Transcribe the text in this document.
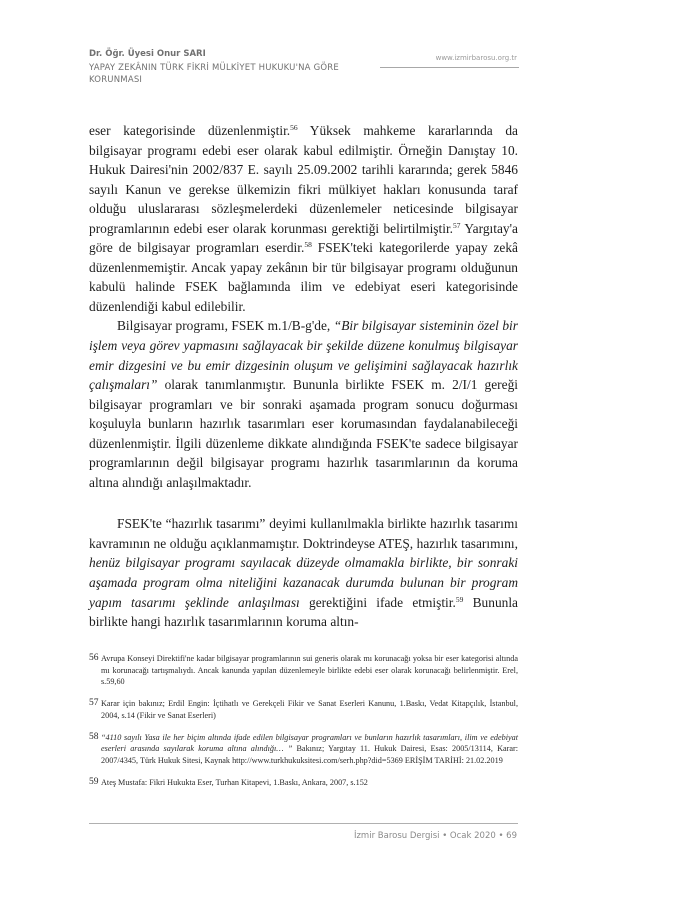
Dr. Öğr. Üyesi Onur SARI
YAPAY ZEKÂNIN TÜRK FİKRİ MÜLKİYET HUKUKU'NA GÖRE KORUNMASI
www.izmirbarosu.org.tr

eser kategorisinde düzenlenmiştir.$^{56}$ Yüksek mahkeme kararlarında da bilgisayar programı edebi eser olarak kabul edilmiştir. Örneğin Danıştay 10. Hukuk Dairesi'nin 2002/837 E. sayılı 25.09.2002 tarihli kararında; gerek 5846 sayılı Kanun ve gerekse ülkemizin fikri mülkiyet hakları konusunda taraf olduğu uluslararası sözleşmelerdeki düzenlemeler neticesinde bilgisayar programlarının edebi eser olarak korunması gerektiği belirtilmiştir.$^{57}$ Yargıtay'a göre de bilgisayar programları eserdir.$^{58}$ FSEK'teki kategorilerde yapay zekâ düzenlenmemiştir. Ancak yapay zekânın bir tür bilgisayar programı olduğunun kabulü halinde FSEK bağlamında ilim ve edebiyat eseri kategorisinde düzenlendiği kabul edilebilir.

Bilgisayar programı, FSEK m.1/B-g'de, “Bir bilgisayar sisteminin özel bir işlem veya görev yapmasını sağlayacak bir şekilde düzene konulmuş bilgisayar emir dizgesini ve bu emir dizgesinin oluşum ve gelişimini sağlayacak hazırlık çalışmaları” olarak tanımlanmıştır. Bununla birlikte FSEK m. 2/I/1 gereği bilgisayar programları ve bir sonraki aşamada program sonucu doğurması koşuluyla bunların hazırlık tasarımları eser korumasından faydalanabileceği düzenlenmiştir. İlgili düzenleme dikkate alındığında FSEK'te sadece bilgisayar programlarının değil bilgisayar programı hazırlık tasarımlarının da koruma altına alındığı anlaşılmaktadır.

FSEK'te “hazırlık tasarımı” deyimi kullanılmakla birlikte hazırlık tasarımı kavramının ne olduğu açıklanmamıştır. Doktrindeyse ATEŞ, hazırlık tasarımını, henüz bilgisayar programı sayılacak düzeyde olmamakla birlikte, bir sonraki aşamada program olma niteliğini kazanacak durumda bulunan bir program yapım tasarımı şeklinde anlaşılması gerektiğini ifade etmiştir.$^{59}$ Bununla birlikte hangi hazırlık tasarımlarının koruma altın-

56 Avrupa Konseyi Direktifi'ne kadar bilgisayar programlarının sui generis olarak mı korunacağı yoksa bir eser kategorisi altında mı korunacağı tartışmalıydı. Ancak kanunda yapılan düzenlemeyle birlikte edebi eser olarak korunacağı belirlenmiştir. Erel, s.59,60
57 Karar için bakınız; Erdil Engin: İçtihatlı ve Gerekçeli Fikir ve Sanat Eserleri Kanunu, 1.Baskı, Vedat Kitapçılık, İstanbul, 2004, s.14 (Fikir ve Sanat Eserleri)
58 “4110 sayılı Yasa ile her biçim altında ifade edilen bilgisayar programları ve bunların hazırlık tasarımları, ilim ve edebiyat eserleri arasında sayılarak koruma altına alındığı… ” Bakınız; Yargıtay 11. Hukuk Dairesi, Esas: 2005/13114, Karar: 2007/4345, Türk Hukuk Sitesi, Kaynak http://www.turkhukuksitesi.com/serh.php?did=5369 ERİŞİM TARİHİ: 21.02.2019
59 Ateş Mustafa: Fikri Hukukta Eser, Turhan Kitapevi, 1.Baskı, Ankara, 2007, s.152
İzmir Barosu Dergisi • Ocak 2020 • 69
